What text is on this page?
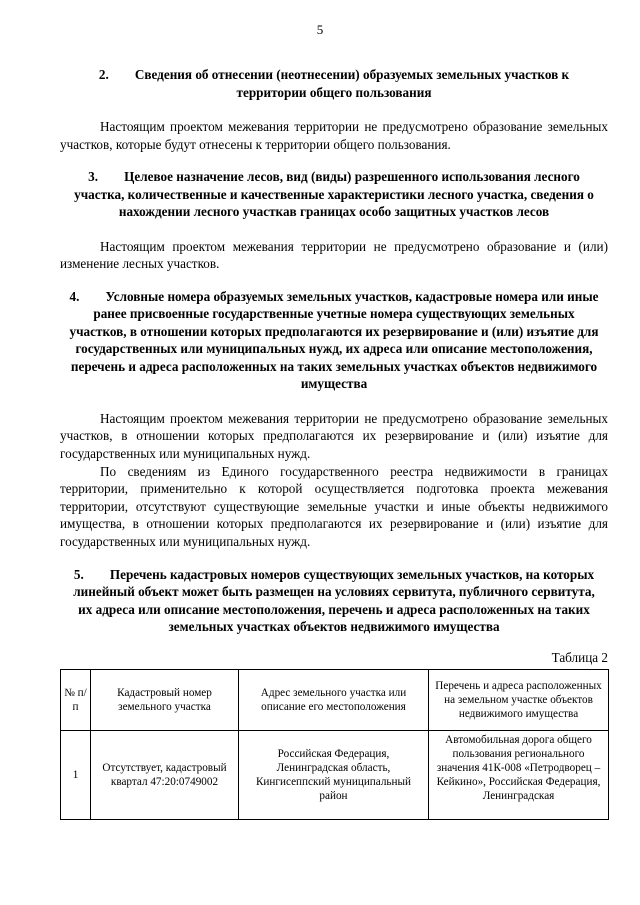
5
2. Сведения об отнесении (неотнесении) образуемых земельных участков к территории общего пользования

Настоящим проектом межевания территории не предусмотрено образование земельных участков, которые будут отнесены к территории общего пользования.

3. Целевое назначение лесов, вид (виды) разрешенного использования лесного участка, количественные и качественные характеристики лесного участка, сведения о нахождении лесного участкав границах особо защитных участков лесов

Настоящим проектом межевания территории не предусмотрено образование и (или) изменение лесных участков.

4. Условные номера образуемых земельных участков, кадастровые номера или иные ранее присвоенные государственные учетные номера существующих земельных участков, в отношении которых предполагаются их резервирование и (или) изъятие для государственных или муниципальных нужд, их адреса или описание местоположения, перечень и адреса расположенных на таких земельных участках объектов недвижимого имущества

Настоящим проектом межевания территории не предусмотрено образование земельных участков, в отношении которых предполагаются их резервирование и (или) изъятие для государственных или муниципальных нужд.

По сведениям из Единого государственного реестра недвижимости в границах территории, применительно к которой осуществляется подготовка проекта межевания территории, отсутствуют существующие земельные участки и иные объекты недвижимого имущества, в отношении которых предполагаются их резервирование и (или) изъятие для государственных или муниципальных нужд.

5. Перечень кадастровых номеров существующих земельных участков, на которых линейный объект может быть размещен на условиях сервитута, публичного сервитута, их адреса или описание местоположения, перечень и адреса расположенных на таких земельных участках объектов недвижимого имущества
Таблица 2
№ п/п	Кадастровый номер земельного участка	Адрес земельного участка или описание его местоположения	Перечень и адреса расположенных на земельном участке объектов недвижимого имущества
1	Отсутствует, кадастровый квартал 47:20:0749002	Российская Федерация, Ленинградская область, Кингисеппский муниципальный район	Автомобильная дорога общего пользования регионального значения 41К-008 «Петродворец – Кейкино», Российская Федерация, Ленинградская
